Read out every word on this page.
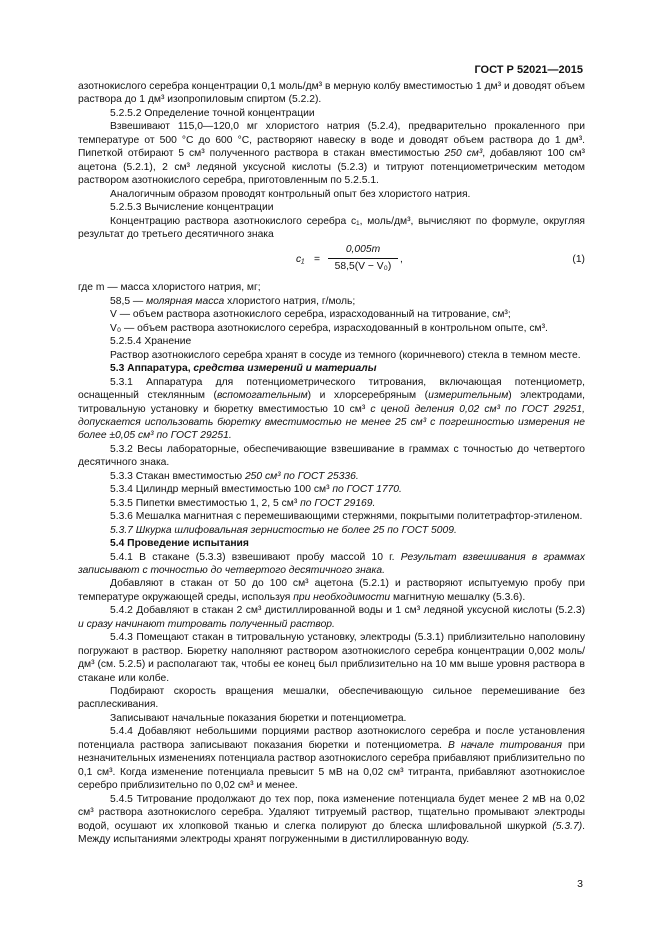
ГОСТ Р 52021—2015

азотнокислого серебра концентрации 0,1 моль/дм³ в мерную колбу вместимостью 1 дм³ и доводят объем раствора до 1 дм³ изопропиловым спиртом (5.2.2).

5.2.5.2 Определение точной концентрации

Взвешивают 115,0—120,0 мг хлористого натрия (5.2.4), предварительно прокаленного при температуре от 500 °С до 600 °С, растворяют навеску в воде и доводят объем раствора до 1 дм³. Пипеткой отбирают 5 см³ полученного раствора в стакан вместимостью 250 см³, добавляют 100 см³ ацетона (5.2.1), 2 см³ ледяной уксусной кислоты (5.2.3) и титруют потенциометрическим методом раствором азотнокислого серебра, приготовленным по 5.2.5.1.

Аналогичным образом проводят контрольный опыт без хлористого натрия.

5.2.5.3 Вычисление концентрации

Концентрацию раствора азотнокислого серебра c₁, моль/дм³, вычисляют по формуле, округляя результат до третьего десятичного знака

$c_1 = \frac{0,005m}{\text{58,5(V − V₀)}}$ ,	(1)

где m — масса хлористого натрия, мг;

58,5 — молярная масса хлористого натрия, г/моль;

V — объем раствора азотнокислого серебра, израсходованный на титрование, см³;

V₀ — объем раствора азотнокислого серебра, израсходованный в контрольном опыте, см³.

5.2.5.4 Хранение

Раствор азотнокислого серебра хранят в сосуде из темного (коричневого) стекла в темном месте.

5.3 Аппаратура, средства измерений и материалы

5.3.1 Аппаратура для потенциометрического титрования, включающая потенциометр, оснащенный стеклянным (вспомогательным) и хлорсеребряным (измерительным) электродами, титровальную установку и бюретку вместимостью 10 см³ с ценой деления 0,02 см³ по ГОСТ 29251, допускается использовать бюретку вместимостью не менее 25 см³ с погрешностью измерения не более ±0,05 см³ по ГОСТ 29251.

5.3.2 Весы лабораторные, обеспечивающие взвешивание в граммах с точностью до четвертого десятичного знака.

5.3.3 Стакан вместимостью 250 см³ по ГОСТ 25336.

5.3.4 Цилиндр мерный вместимостью 100 см³ по ГОСТ 1770.

5.3.5 Пипетки вместимостью 1, 2, 5 см³ по ГОСТ 29169.

5.3.6 Мешалка магнитная с перемешивающими стержнями, покрытыми политетрафтор-этиленом.

5.3.7 Шкурка шлифовальная зернистостью не более 25 по ГОСТ 5009.

5.4 Проведение испытания

5.4.1 В стакане (5.3.3) взвешивают пробу массой 10 г. Результат взвешивания в граммах записывают с точностью до четвертого десятичного знака.

Добавляют в стакан от 50 до 100 см³ ацетона (5.2.1) и растворяют испытуемую пробу при температуре окружающей среды, используя при необходимости магнитную мешалку (5.3.6).

5.4.2 Добавляют в стакан 2 см³ дистиллированной воды и 1 см³ ледяной уксусной кислоты (5.2.3) и сразу начинают титровать полученный раствор.

5.4.3 Помещают стакан в титровальную установку, электроды (5.3.1) приблизительно наполовину погружают в раствор. Бюретку наполняют раствором азотнокислого серебра концентрации 0,002 моль/дм³ (см. 5.2.5) и располагают так, чтобы ее конец был приблизительно на 10 мм выше уровня раствора в стакане или колбе.

Подбирают скорость вращения мешалки, обеспечивающую сильное перемешивание без расплескивания.

Записывают начальные показания бюретки и потенциометра.

5.4.4 Добавляют небольшими порциями раствор азотнокислого серебра и после установления потенциала раствора записывают показания бюретки и потенциометра. В начале титрования при незначительных изменениях потенциала раствор азотнокислого серебра прибавляют приблизительно по 0,1 см³. Когда изменение потенциала превысит 5 мВ на 0,02 см³ титранта, прибавляют азотнокислое серебро приблизительно по 0,02 см³ и менее.

5.4.5 Титрование продолжают до тех пор, пока изменение потенциала будет менее 2 мВ на 0,02 см³ раствора азотнокислого серебра. Удаляют титруемый раствор, тщательно промывают электроды водой, осушают их хлопковой тканью и слегка полируют до блеска шлифовальной шкуркой (5.3.7). Между испытаниями электроды хранят погруженными в дистиллированную воду.

3
